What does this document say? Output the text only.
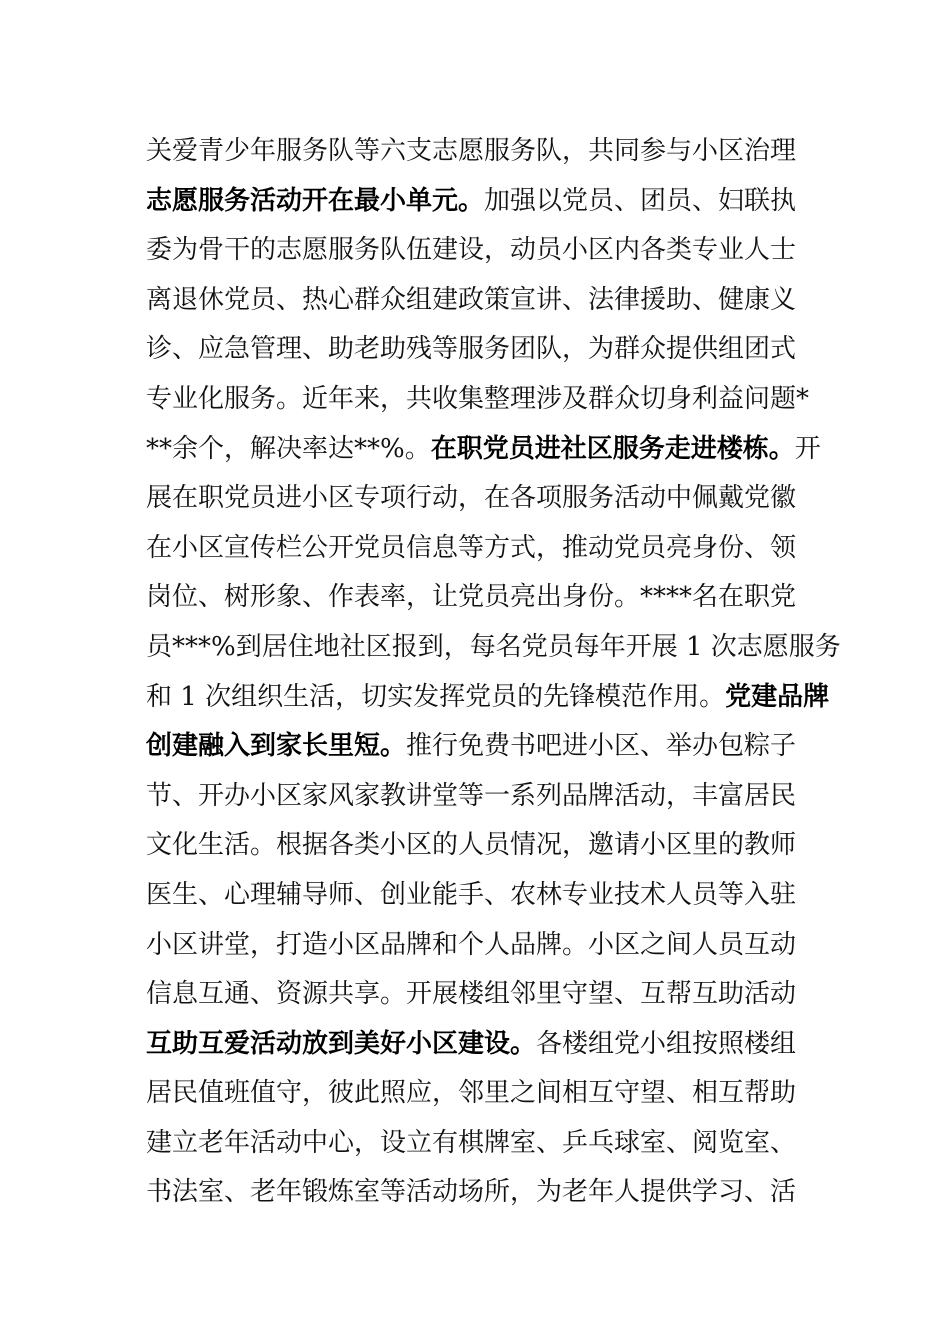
关爱青少年服务队等六支志愿服务队，共同参与小区治理
志愿服务活动开在最小单元。加强以党员、团员、妇联执
委为骨干的志愿服务队伍建设，动员小区内各类专业人士
离退休党员、热心群众组建政策宣讲、法律援助、健康义
诊、应急管理、助老助残等服务团队，为群众提供组团式
专业化服务。近年来，共收集整理涉及群众切身利益问题*
**余个，解决率达**%。在职党员进社区服务走进楼栋。开
展在职党员进小区专项行动，在各项服务活动中佩戴党徽
在小区宣传栏公开党员信息等方式，推动党员亮身份、领
岗位、树形象、作表率，让党员亮出身份。****名在职党
员***%到居住地社区报到，每名党员每年开展 1 次志愿服务
和 1 次组织生活，切实发挥党员的先锋模范作用。党建品牌
创建融入到家长里短。推行免费书吧进小区、举办包粽子
节、开办小区家风家教讲堂等一系列品牌活动，丰富居民
文化生活。根据各类小区的人员情况，邀请小区里的教师
医生、心理辅导师、创业能手、农林专业技术人员等入驻
小区讲堂，打造小区品牌和个人品牌。小区之间人员互动
信息互通、资源共享。开展楼组邻里守望、互帮互助活动
互助互爱活动放到美好小区建设。各楼组党小组按照楼组
居民值班值守，彼此照应，邻里之间相互守望、相互帮助
建立老年活动中心，设立有棋牌室、乒乓球室、阅览室、
书法室、老年锻炼室等活动场所，为老年人提供学习、活
